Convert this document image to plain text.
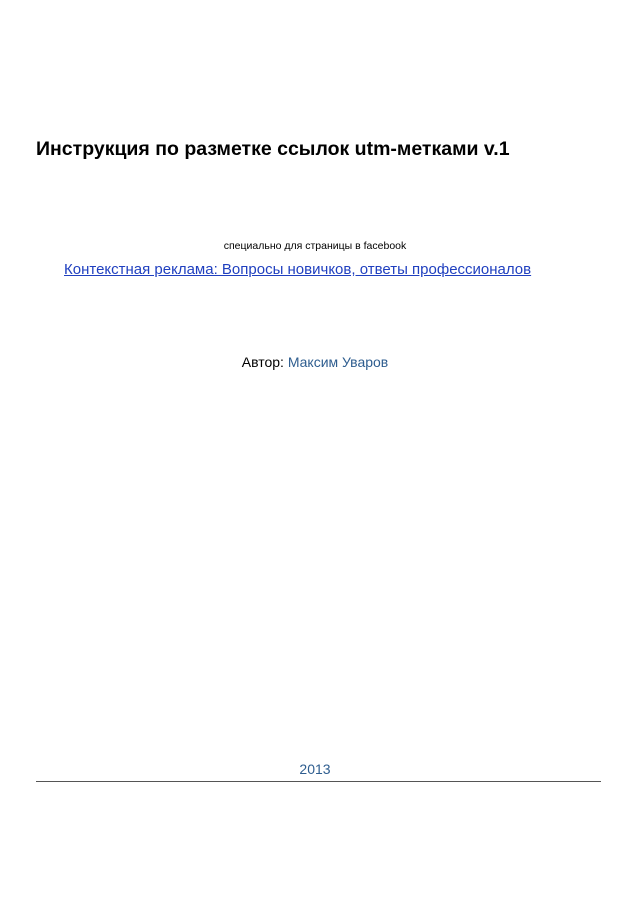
Инструкция по разметке ссылок utm-метками v.1
специально для страницы в facebook
Контекстная реклама: Вопросы новичков, ответы профессионалов
Автор: Максим Уваров
2013
